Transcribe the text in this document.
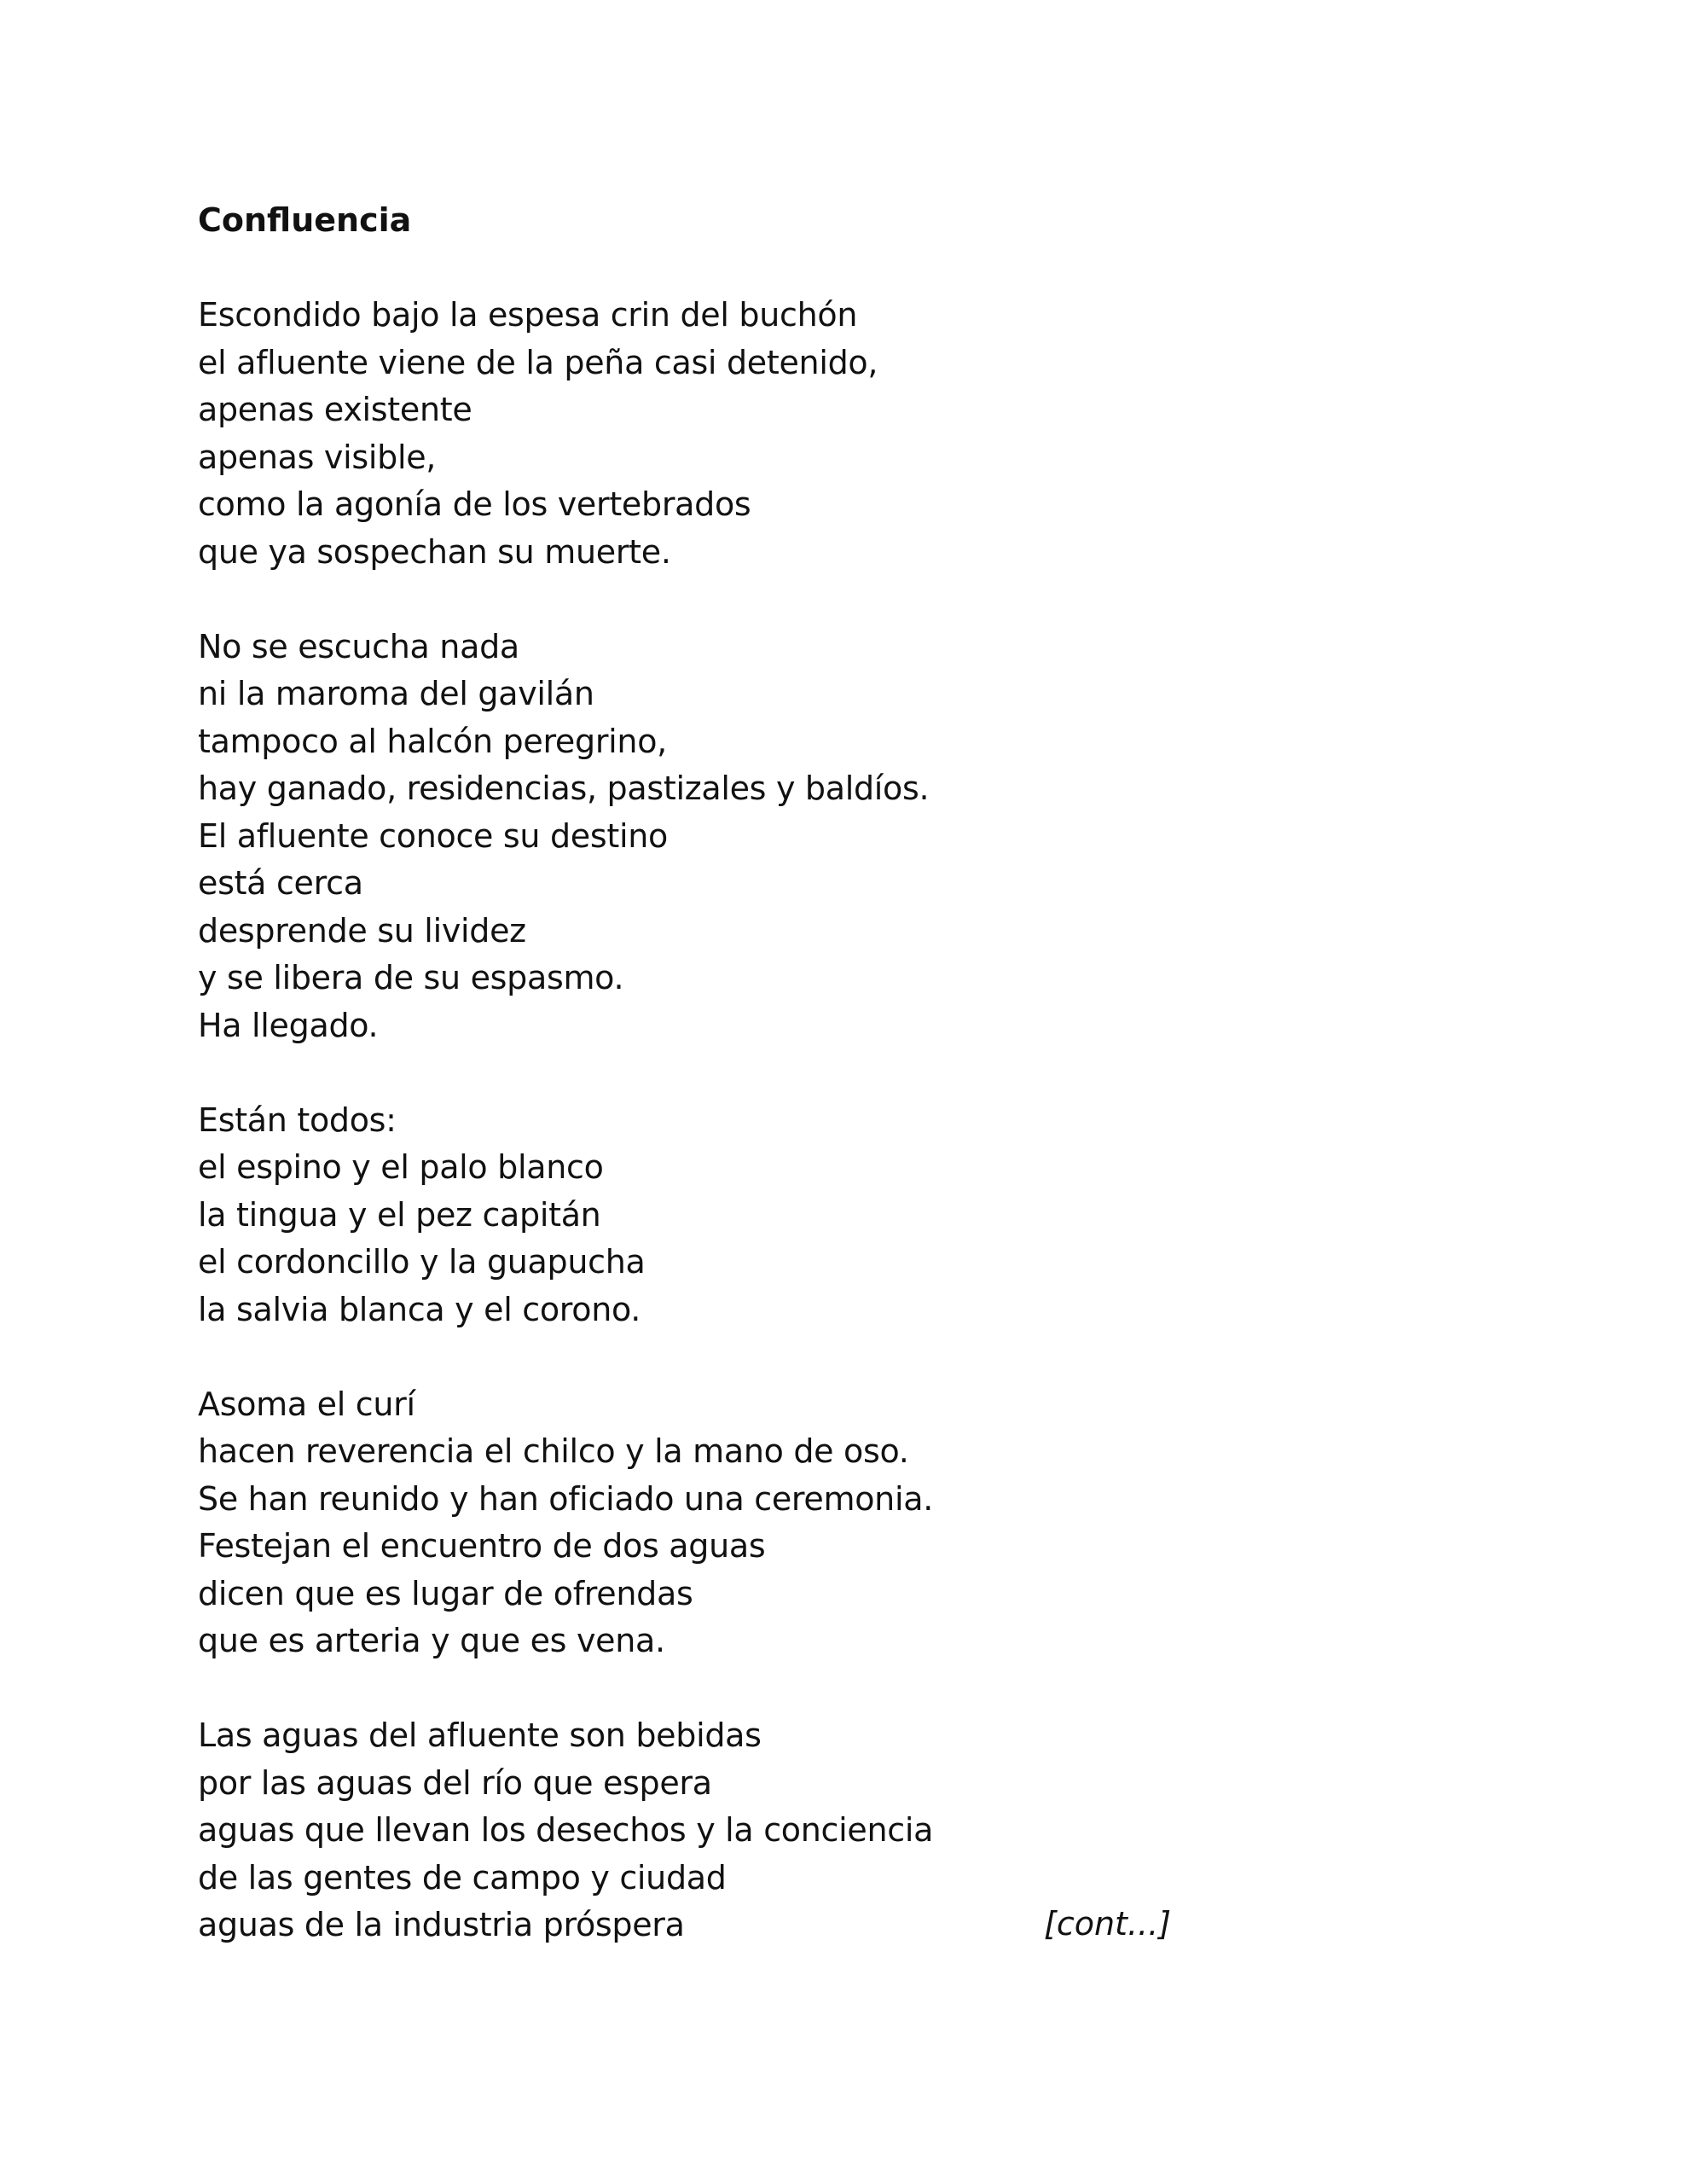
Confluencia
Escondido bajo la espesa crin del buchón
el afluente viene de la peña casi detenido,
apenas existente
apenas visible,
como la agonía de los vertebrados
que ya sospechan su muerte.
No se escucha nada
ni la maroma del gavilán
tampoco al halcón peregrino,
hay ganado, residencias, pastizales y baldíos.
El afluente conoce su destino
está cerca
desprende su lividez
y se libera de su espasmo.
Ha llegado.
Están todos:
el espino y el palo blanco
la tingua y el pez capitán
el cordoncillo y la guapucha
la salvia blanca y el corono.
Asoma el curí
hacen reverencia el chilco y la mano de oso.
Se han reunido y han oficiado una ceremonia.
Festejan el encuentro de dos aguas
dicen que es lugar de ofrendas
que es arteria y que es vena.
Las aguas del afluente son bebidas
por las aguas del río que espera
aguas que llevan los desechos y la conciencia
de las gentes de campo y ciudad
aguas de la industria próspera	[cont...]
